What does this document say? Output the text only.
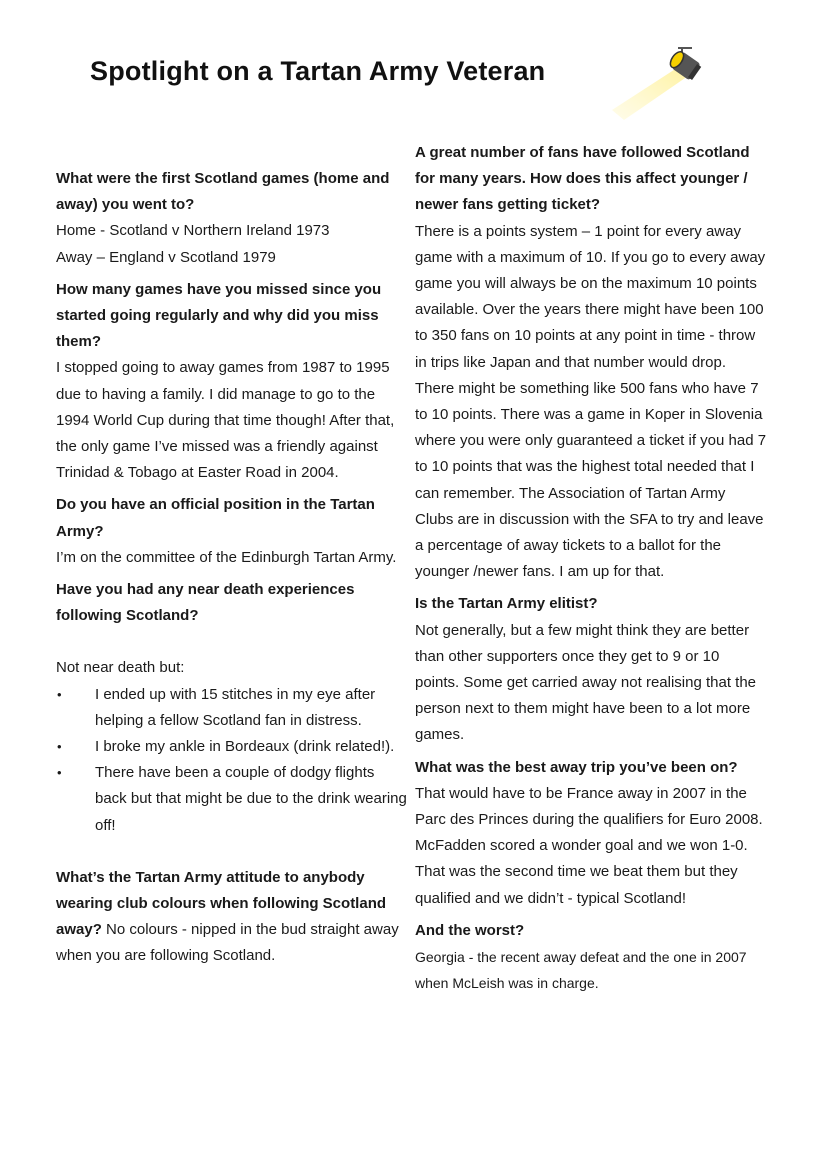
Spotlight on a Tartan Army Veteran

What were the first Scotland games (home and away) you went to?

Home - Scotland v Northern Ireland 1973

Away – England v Scotland 1979

How many games have you missed since you started going regularly and why did you miss them?

I stopped going to away games from 1987 to 1995 due to having a family. I did manage to go to the 1994 World Cup during that time though! After that, the only game I’ve missed was a friendly against Trinidad & Tobago at Easter Road in 2004.

Do you have an official position in the Tartan Army?

I’m on the committee of the Edinburgh Tartan Army.

Have you had any near death experiences following Scotland?

Not near death but:

• I ended up with 15 stitches in my eye after helping a fellow Scotland fan in distress.
• I broke my ankle in Bordeaux (drink related!).
• There have been a couple of dodgy flights back but that might be due to the drink wearing off!

What’s the Tartan Army attitude to anybody wearing club colours when following Scotland away? No colours - nipped in the bud straight away when you are following Scotland.

A great number of fans have followed Scotland for many years. How does this affect younger / newer fans getting ticket?

There is a points system – 1 point for every away game with a maximum of 10. If you go to every away game you will always be on the maximum 10 points available. Over the years there might have been 100 to 350 fans on 10 points at any point in time - throw in trips like Japan and that number would drop. There might be something like 500 fans who have 7 to 10 points. There was a game in Koper in Slovenia where you were only guaranteed a ticket if you had 7 to 10 points that was the highest total needed that I can remember. The Association of Tartan Army Clubs are in discussion with the SFA to try and leave a percentage of away tickets to a ballot for the younger /newer fans. I am up for that.

Is the Tartan Army elitist?

Not generally, but a few might think they are better than other supporters once they get to 9 or 10 points. Some get carried away not realising that the person next to them might have been to a lot more games.

What was the best away trip you’ve been on?

That would have to be France away in 2007 in the Parc des Princes during the qualifiers for Euro 2008. McFadden scored a wonder goal and we won 1-0. That was the second time we beat them but they qualified and we didn’t - typical Scotland!

And the worst?

Georgia - the recent away defeat and the one in 2007 when McLeish was in charge.
